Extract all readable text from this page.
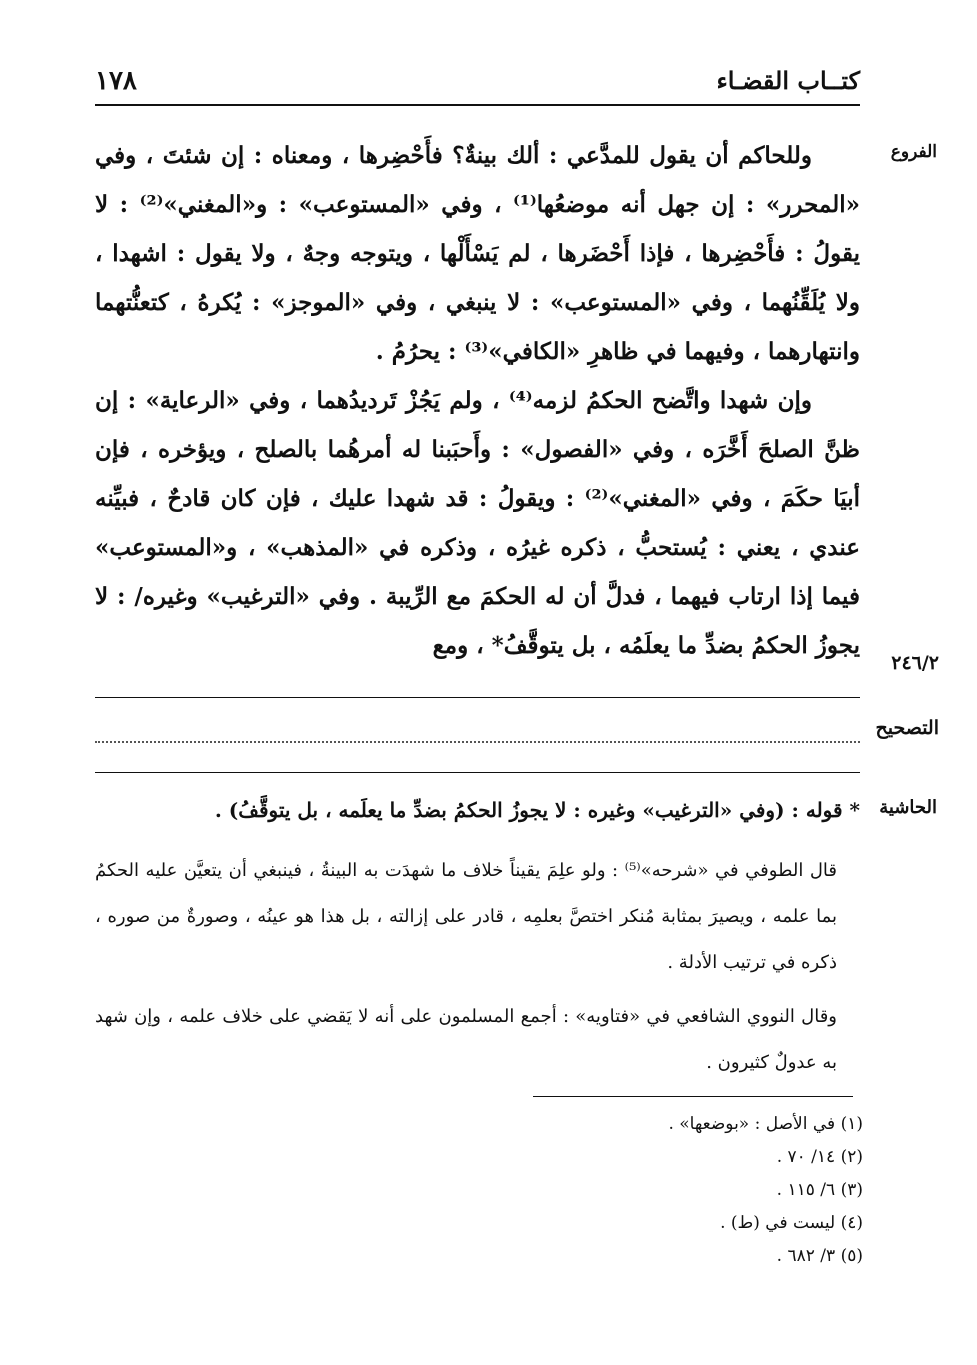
١٧٨	كتــاب القضـاء
الفروع
٢٤٦/٢
التصحيح
الحاشية

وللحاكم أن يقول للمدَّعي : ألك بينةٌ؟ فأَحْضِرها ، ومعناه : إن شئتَ ، وفي «المحرر» : إن جهل أنه موضعُها⁽¹⁾ ، وفي «المستوعب» : و«المغني»⁽²⁾ : لا يقولُ : فأَحْضِرها ، فإذا أَحْضَرها ، لم يَسْأَلْها ، ويتوجه وجهٌ ، ولا يقول : اشهدا ، ولا يُلَقِّنُهما ، وفي «المستوعب» : لا ينبغي ، وفي «الموجز» : يُكرهُ ، كتعنُّتهما وانتهارهما ، وفيهما في ظاهرِ «الكافي»⁽³⁾ : يحرُمُ .

وإن شهدا واتَّضح الحكمُ لزمه⁽⁴⁾ ، ولم يَجُزْ تَرديدُهما ، وفي «الرعاية» : إن ظنَّ الصلحَ أَخَّرَه ، وفي «الفصول» : وأَحبَبنا له أمرهُما بالصلح ، ويؤخره ، فإن أبيَا حكَمَ ، وفي «المغني»⁽²⁾ : ويقولُ : قد شهدا عليك ، فإن كان قادحٌ ، فبيِّنه عندي ، يعني : يُستحبُّ ، ذكره غيرُه ، وذكره في «المذهب» ، و«المستوعب» فيما إذا ارتاب فيهما ، فدلَّ أن له الحكمَ مع الرِّيبة . وفي «الترغيب» وغيره/ : لا يجوزُ الحكمُ بضدِّ ما يعلَمُه ، بل يتوقَّفُ* ، ومع

* قوله : (وفي «الترغيب» وغيره : لا يجوزُ الحكمُ بضدِّ ما يعلَمه ، بل يتوقَّفُ) .

قال الطوفي في «شرحه»⁽⁵⁾ : ولو علِمَ يقيناً خلاف ما شهدَت به البينةُ ، فينبغي أن يتعيَّن عليه الحكمُ بما علمه ، ويصيرَ بمثابة مُنكر اختصَّ بعلمِه ، قادر على إزالته ، بل هذا هو عينُه ، وصورةٌ من صوره ، ذكره في ترتيب الأدلة .

وقال النووي الشافعي في «فتاويه» : أجمع المسلمون على أنه لا يَقضي على خلاف علمه ، وإن شهد به عدولٌ كثيرون .

(١) في الأصل : «بوضعها» .
(٢) ١٤/ ٧٠ .
(٣) ٦/ ١١٥ .
(٤) ليست في (ط) .
(٥) ٣/ ٦٨٢ .
